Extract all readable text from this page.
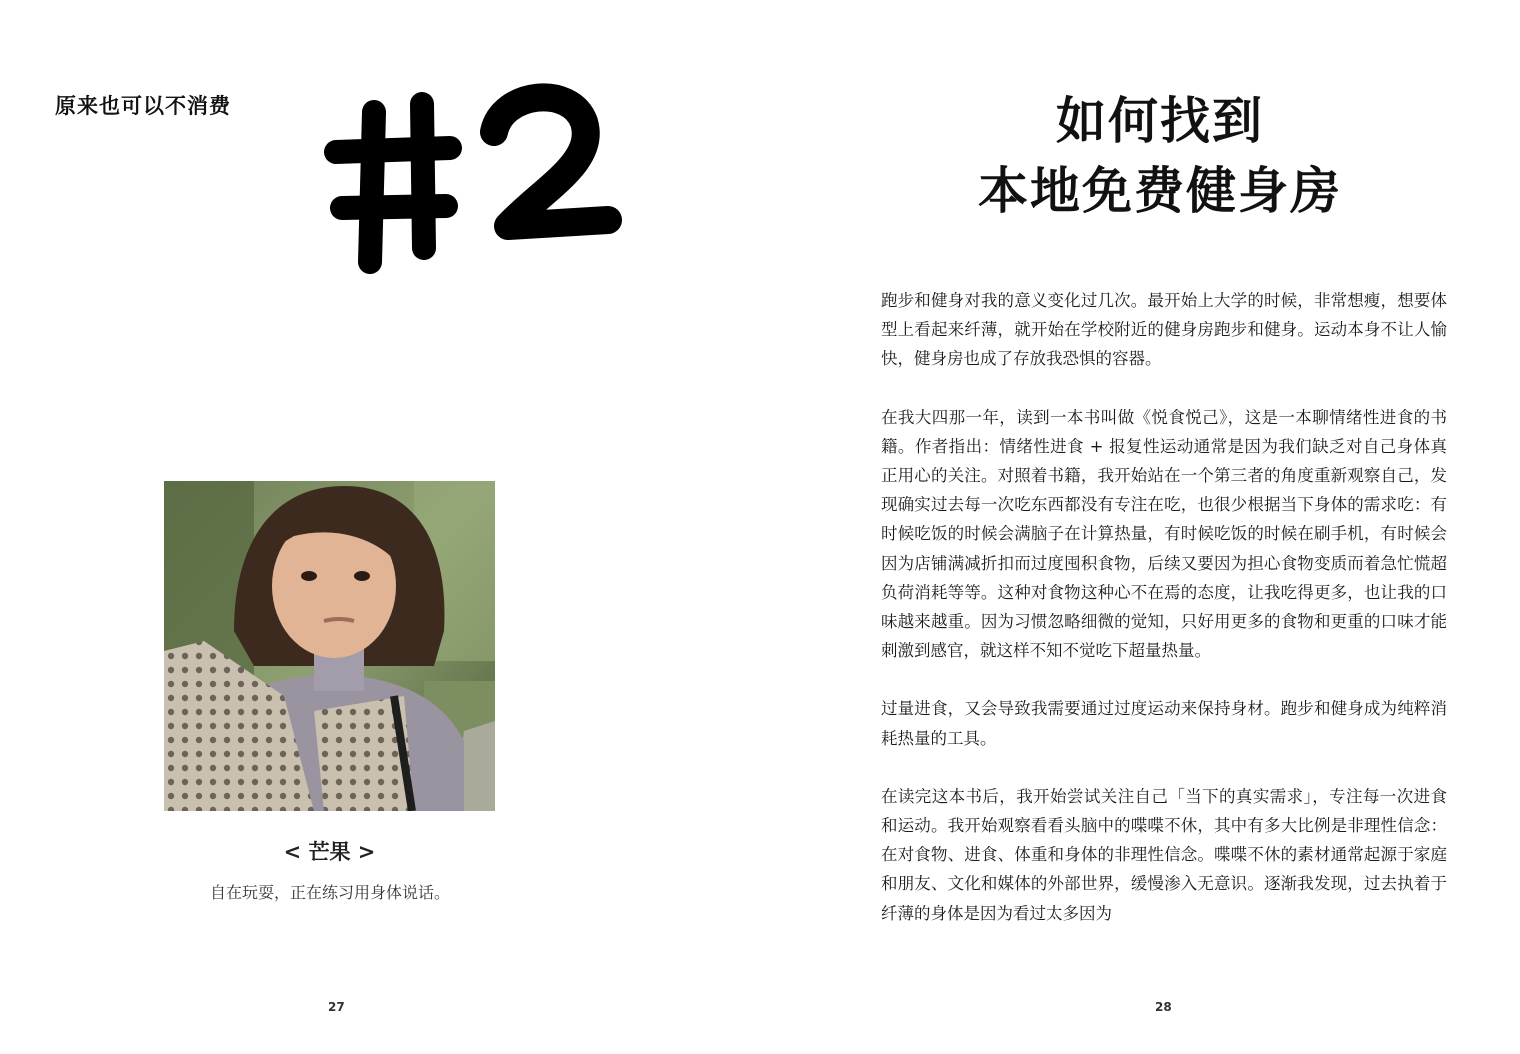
原来也可以不消费
< 芒果 >
自在玩耍，正在练习用身体说话。
27
如何找到
本地免费健身房

跑步和健身对我的意义变化过几次。最开始上大学的时候，非常想瘦，想要体型上看起来纤薄，就开始在学校附近的健身房跑步和健身。运动本身不让人愉快，健身房也成了存放我恐惧的容器。

在我大四那一年，读到一本书叫做《悦食悦己》，这是一本聊情绪性进食的书籍。作者指出：情绪性进食 + 报复性运动通常是因为我们缺乏对自己身体真正用心的关注。对照着书籍，我开始站在一个第三者的角度重新观察自己，发现确实过去每一次吃东西都没有专注在吃，也很少根据当下身体的需求吃：有时候吃饭的时候会满脑子在计算热量，有时候吃饭的时候在刷手机，有时候会因为店铺满减折扣而过度囤积食物，后续又要因为担心食物变质而着急忙慌超负荷消耗等等。这种对食物这种心不在焉的态度，让我吃得更多，也让我的口味越来越重。因为习惯忽略细微的觉知，只好用更多的食物和更重的口味才能刺激到感官，就这样不知不觉吃下超量热量。

过量进食，又会导致我需要通过过度运动来保持身材。跑步和健身成为纯粹消耗热量的工具。

在读完这本书后，我开始尝试关注自己「当下的真实需求」，专注每一次进食和运动。我开始观察看看头脑中的喋喋不休，其中有多大比例是非理性信念：在对食物、进食、体重和身体的非理性信念。喋喋不休的素材通常起源于家庭和朋友、文化和媒体的外部世界，缓慢渗入无意识。逐渐我发现，过去执着于纤薄的身体是因为看过太多因为

28
